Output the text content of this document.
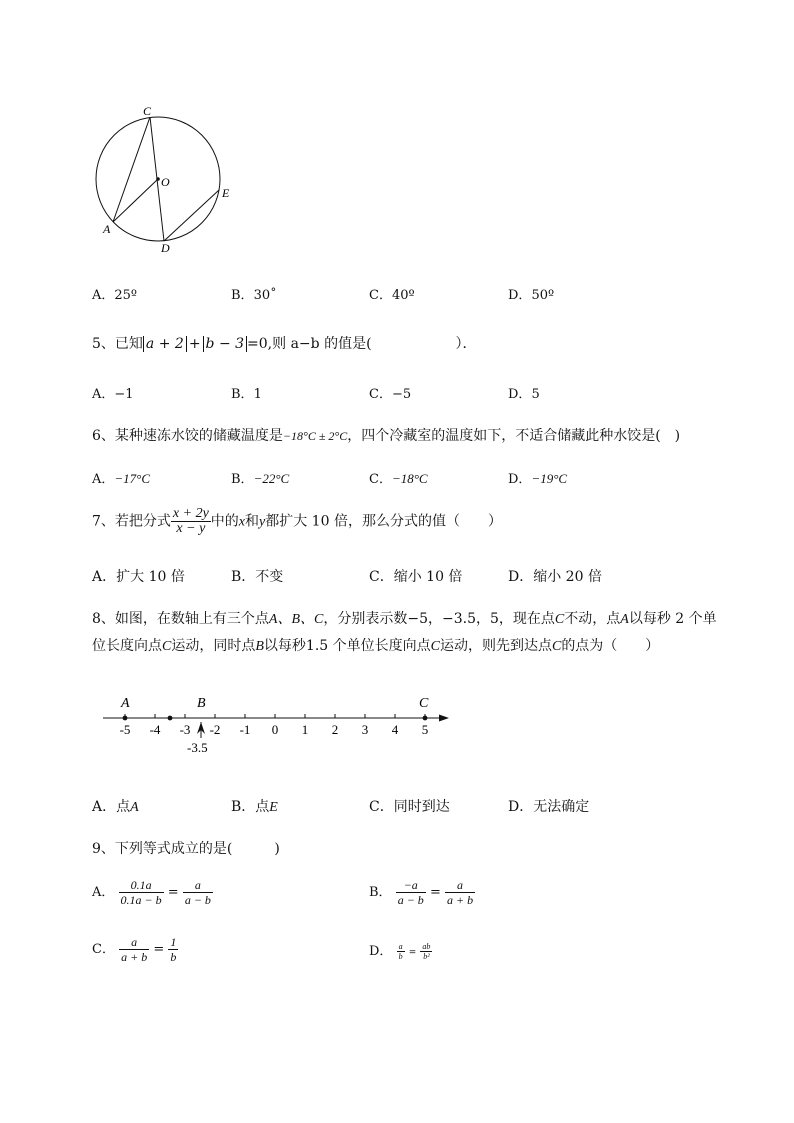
C
O
E
A
D
A．25º	B．30˚	C．40º	D．50º
5、已知 a + 2 + b − 3 =0,则 a−b 的值是(　　　　　　）．
A．−1	B．1	C．−5	D．5
6、某种速冻水饺的储藏温度是−18°C ± 2°C，四个冷藏室的温度如下，不适合储藏此种水饺是(　)
A．−17°C	B．−22°C	C．−18°C	D．−19°C
7、若把分式 $\frac{x + 2y}{x - y}$ 中的x和y都扩大 10 倍，那么分式的值（　　）
A．扩大 10 倍	B．不变	C．缩小 10 倍	D．缩小 20 倍
8、如图，在数轴上有三个点A、B、C，分别表示数−5，−3.5，5，现在点C不动，点A以每秒 2 个单
位长度向点C运动，同时点B以每秒1.5 个单位长度向点C运动，则先到达点C的点为（　　）
-5 -4 -3 -2 -1 0 1 2 3 4 5
A	B	C
-3.5
A．点A	B．点E	C．同时到达	D．无法确定
9、下列等式成立的是(　　　)
A． $\frac{0.1a}{0.1a - b} = \frac{a}{a - b}$	B． $\frac{-a}{a - b} = \frac{a}{a + b}$
C． $\frac{a}{a + b} = \frac{1}{b}$	D． $\frac{a}{b} = \frac{ab}{\text{b²}}$
